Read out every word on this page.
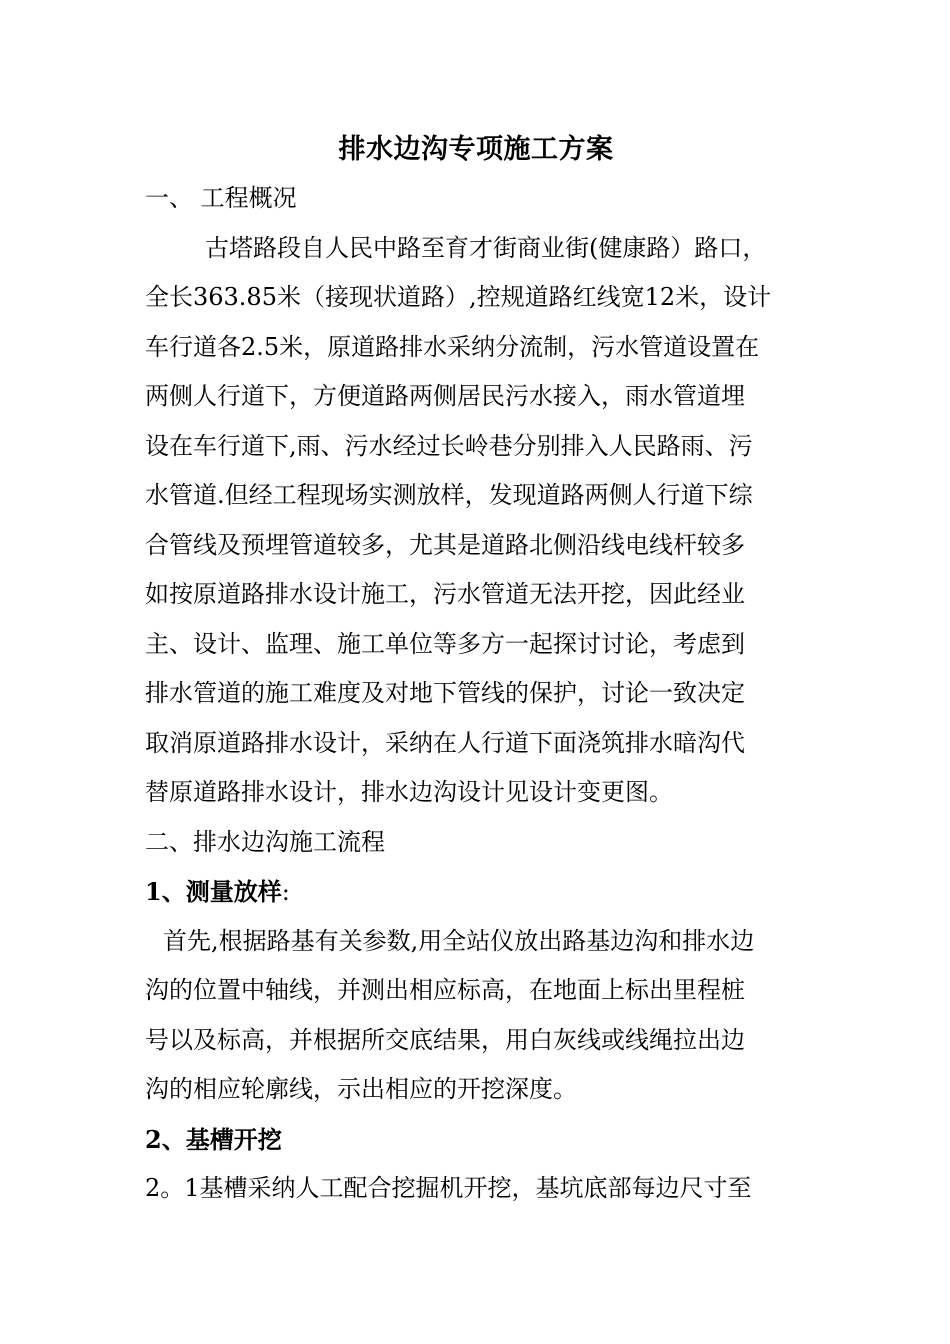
排水边沟专项施工方案
一、 工程概况
古塔路段自人民中路至育才街商业街(健康路）路口，
全长363.85米（接现状道路）,控规道路红线宽12米，设计
车行道各2.5米，原道路排水采纳分流制，污水管道设置在
两侧人行道下，方便道路两侧居民污水接入，雨水管道埋
设在车行道下,雨、污水经过长岭巷分别排入人民路雨、污
水管道.但经工程现场实测放样，发现道路两侧人行道下综
合管线及预埋管道较多，尤其是道路北侧沿线电线杆较多
如按原道路排水设计施工，污水管道无法开挖，因此经业
主、设计、监理、施工单位等多方一起探讨讨论，考虑到
排水管道的施工难度及对地下管线的保护，讨论一致决定
取消原道路排水设计，采纳在人行道下面浇筑排水暗沟代
替原道路排水设计，排水边沟设计见设计变更图。
二、排水边沟施工流程
1、测量放样:
首先,根据路基有关参数,用全站仪放出路基边沟和排水边
沟的位置中轴线，并测出相应标高，在地面上标出里程桩
号以及标高，并根据所交底结果，用白灰线或线绳拉出边
沟的相应轮廓线，示出相应的开挖深度。
2、基槽开挖
2。1基槽采纳人工配合挖掘机开挖，基坑底部每边尺寸至
